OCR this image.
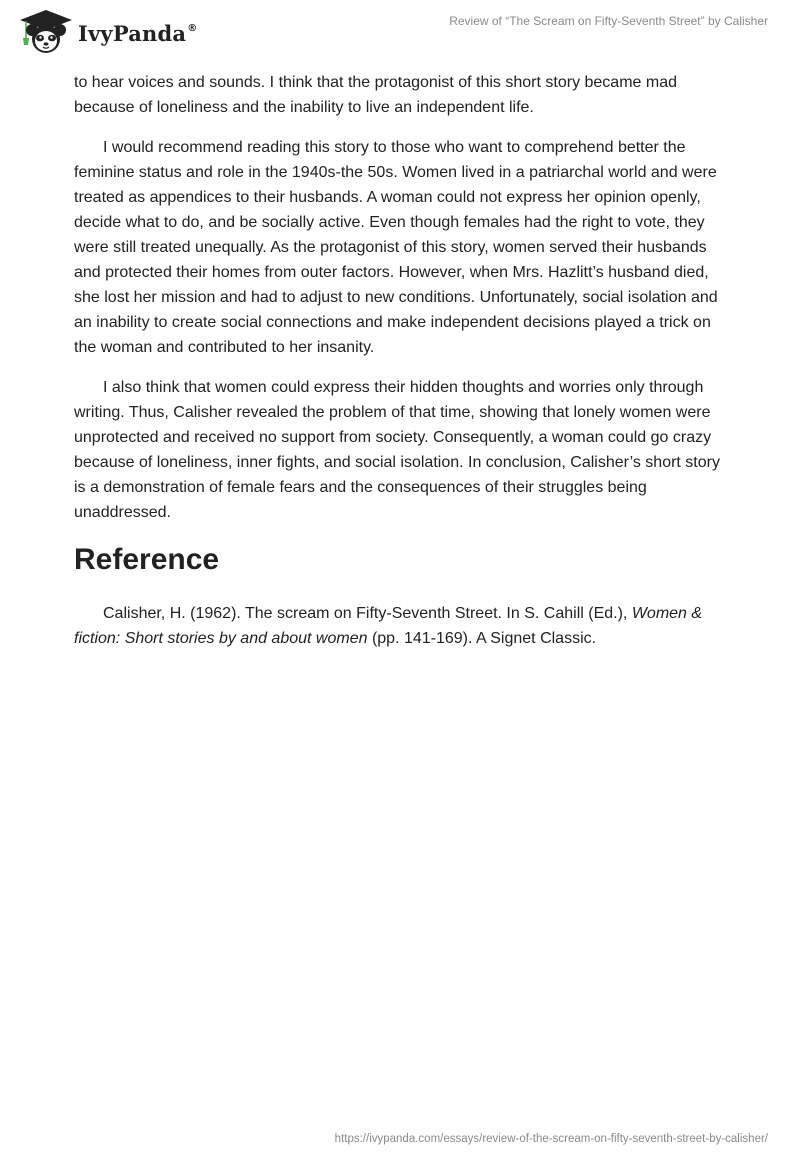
IvyPanda®	Review of “The Scream on Fifty-Seventh Street” by Calisher

to hear voices and sounds. I think that the protagonist of this short story became mad because of loneliness and the inability to live an independent life.

I would recommend reading this story to those who want to comprehend better the feminine status and role in the 1940s-the 50s. Women lived in a patriarchal world and were treated as appendices to their husbands. A woman could not express her opinion openly, decide what to do, and be socially active. Even though females had the right to vote, they were still treated unequally. As the protagonist of this story, women served their husbands and protected their homes from outer factors. However, when Mrs. Hazlitt’s husband died, she lost her mission and had to adjust to new conditions. Unfortunately, social isolation and an inability to create social connections and make independent decisions played a trick on the woman and contributed to her insanity.

I also think that women could express their hidden thoughts and worries only through writing. Thus, Calisher revealed the problem of that time, showing that lonely women were unprotected and received no support from society. Consequently, a woman could go crazy because of loneliness, inner fights, and social isolation. In conclusion, Calisher’s short story is a demonstration of female fears and the consequences of their struggles being unaddressed.

Reference

Calisher, H. (1962). The scream on Fifty-Seventh Street. In S. Cahill (Ed.), Women & fiction: Short stories by and about women (pp. 141-169). A Signet Classic.

https://ivypanda.com/essays/review-of-the-scream-on-fifty-seventh-street-by-calisher/
